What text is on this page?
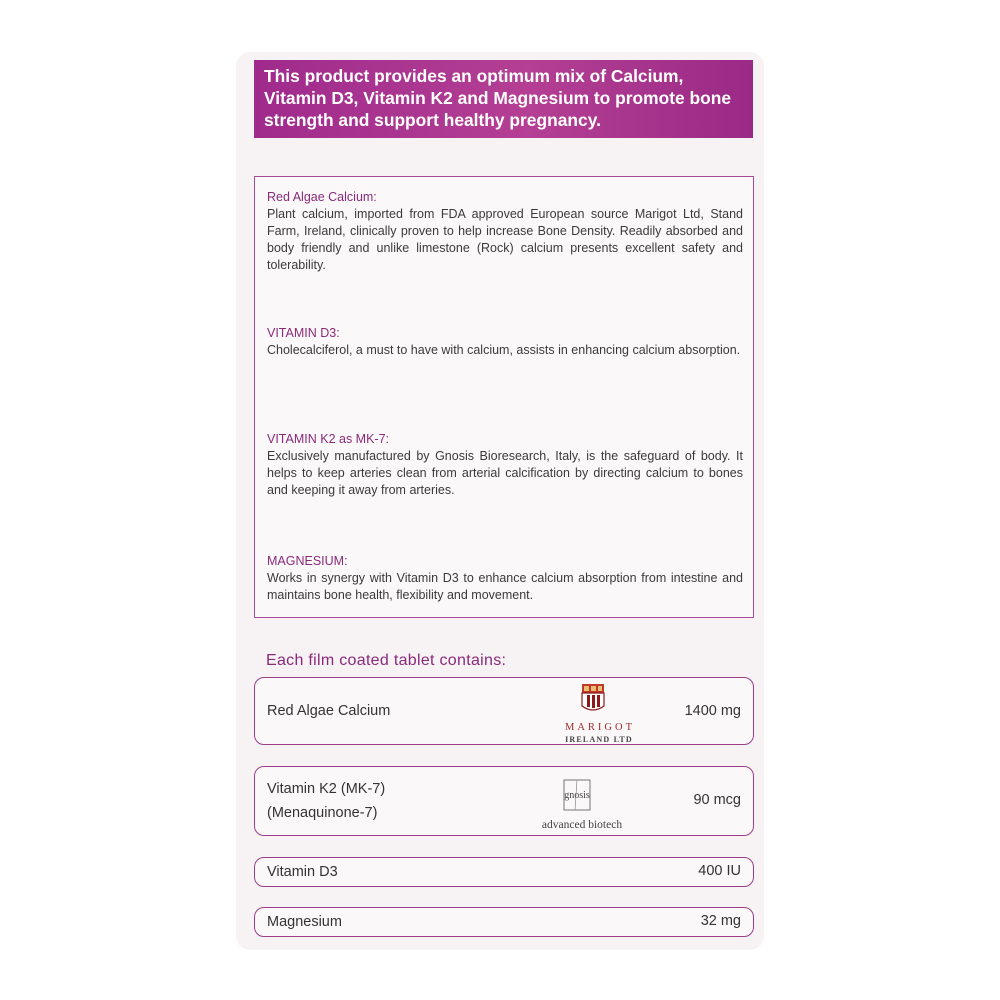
This product provides an optimum mix of Calcium, Vitamin D3, Vitamin K2 and Magnesium to promote bone strength and support healthy pregnancy.
Red Algae Calcium:

Plant calcium, imported from FDA approved European source Marigot Ltd, Stand Farm, Ireland, clinically proven to help increase Bone Density. Readily absorbed and body friendly and unlike limestone (Rock) calcium presents excellent safety and tolerability.

VITAMIN D3:

Cholecalciferol, a must to have with calcium, assists in enhancing calcium absorption.

VITAMIN K2 as MK-7:

Exclusively manufactured by Gnosis Bioresearch, Italy, is the safeguard of body. It helps to keep arteries clean from arterial calcification by directing calcium to bones and keeping it away from arteries.

MAGNESIUM:

Works in synergy with Vitamin D3 to enhance calcium absorption from intestine and maintains bone health, flexibility and movement.

Each film coated tablet contains:
Red Algae Calcium
MARIGOT
IRELAND LTD
1400 mg
Vitamin K2 (MK-7)
(Menaquinone-7)
gnosis
advanced biotech
90 mcg
Vitamin D3	400 IU
Magnesium	32 mg
